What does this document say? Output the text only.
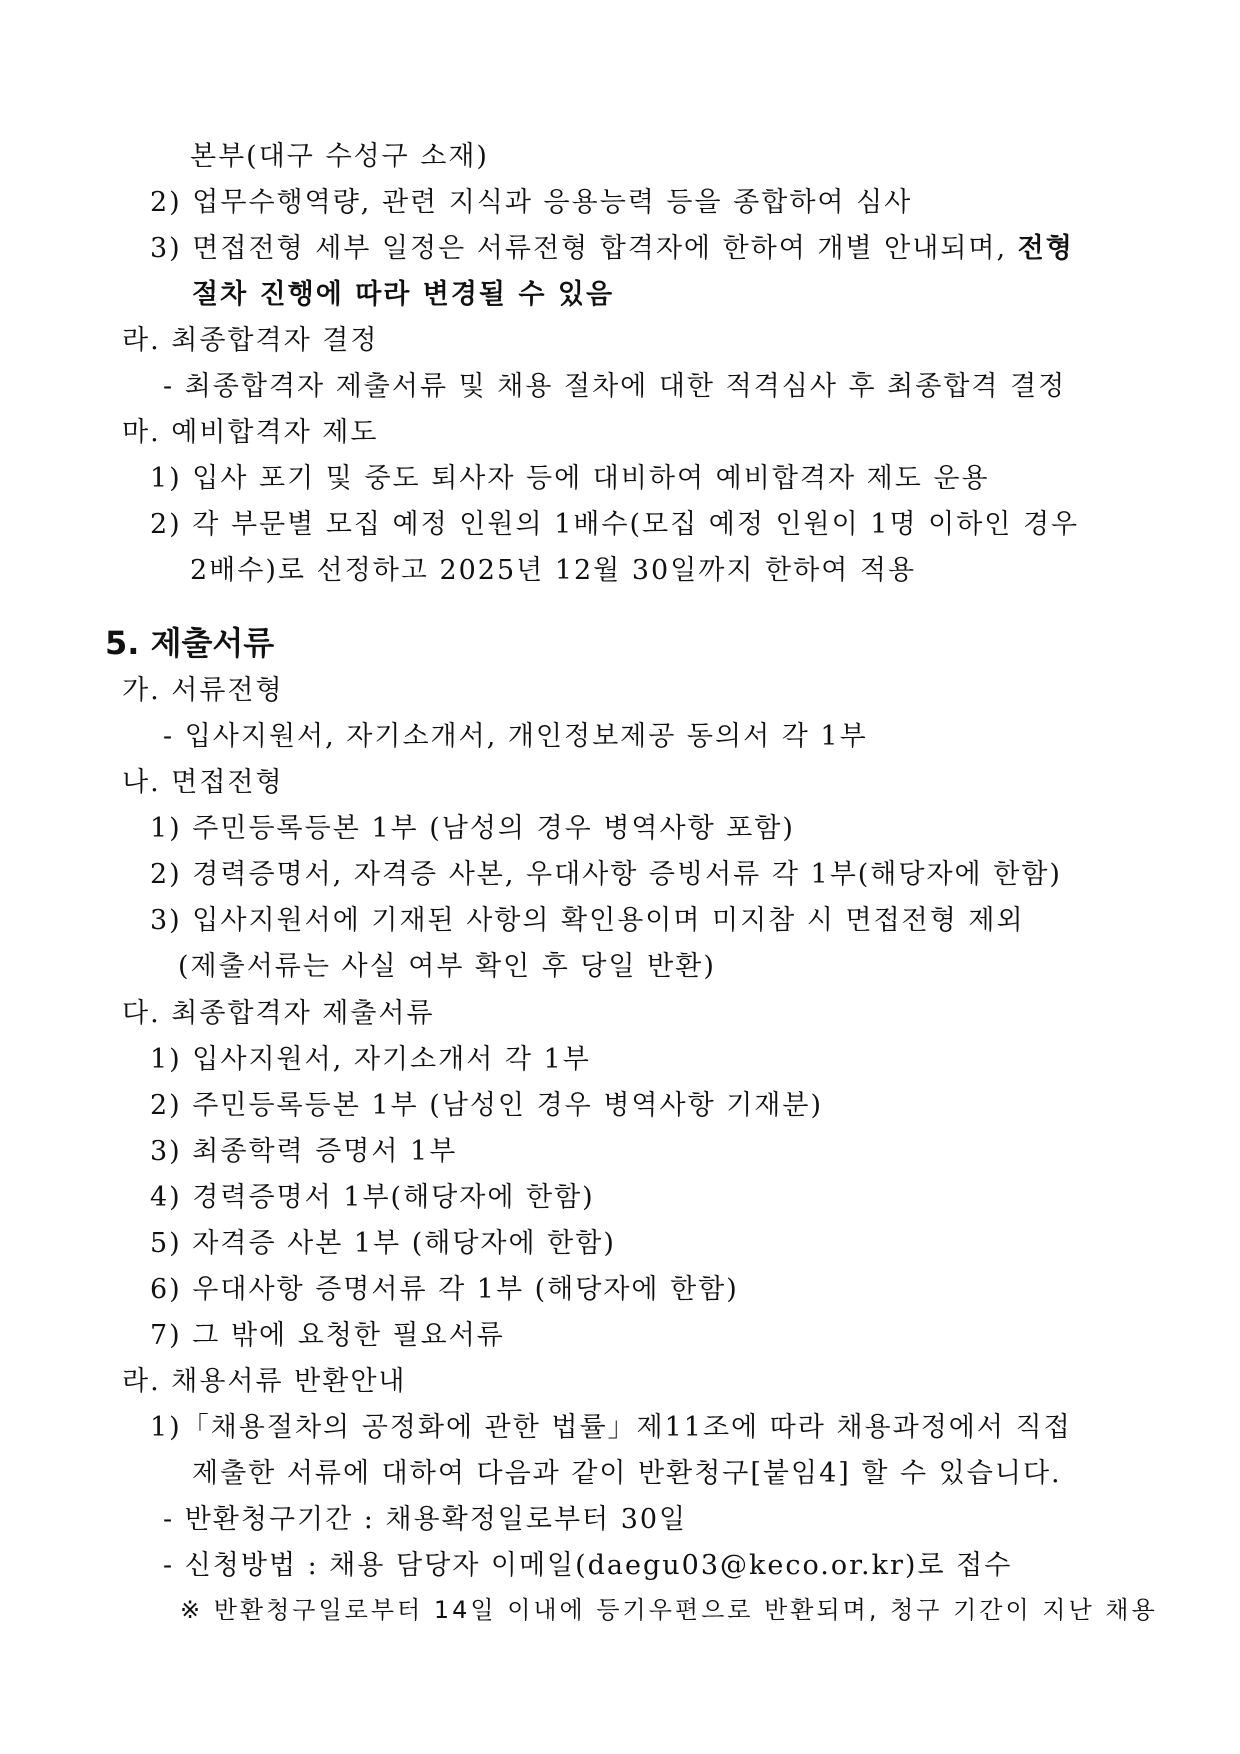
본부(대구 수성구 소재)
2) 업무수행역량, 관련 지식과 응용능력 등을 종합하여 심사
3) 면접전형 세부 일정은 서류전형 합격자에 한하여 개별 안내되며, 전형
절차 진행에 따라 변경될 수 있음
라. 최종합격자 결정
- 최종합격자 제출서류 및 채용 절차에 대한 적격심사 후 최종합격 결정
마. 예비합격자 제도
1) 입사 포기 및 중도 퇴사자 등에 대비하여 예비합격자 제도 운용
2) 각 부문별 모집 예정 인원의 1배수(모집 예정 인원이 1명 이하인 경우
2배수)로 선정하고 2025년 12월 30일까지 한하여 적용
5. 제출서류
가. 서류전형
- 입사지원서, 자기소개서, 개인정보제공 동의서 각 1부
나. 면접전형
1) 주민등록등본 1부 (남성의 경우 병역사항 포함)
2) 경력증명서, 자격증 사본, 우대사항 증빙서류 각 1부(해당자에 한함)
3) 입사지원서에 기재된 사항의 확인용이며 미지참 시 면접전형 제외
(제출서류는 사실 여부 확인 후 당일 반환)
다. 최종합격자 제출서류
1) 입사지원서, 자기소개서 각 1부
2) 주민등록등본 1부 (남성인 경우 병역사항 기재분)
3) 최종학력 증명서 1부
4) 경력증명서 1부(해당자에 한함)
5) 자격증 사본 1부 (해당자에 한함)
6) 우대사항 증명서류 각 1부 (해당자에 한함)
7) 그 밖에 요청한 필요서류
라. 채용서류 반환안내
1)「채용절차의 공정화에 관한 법률」제11조에 따라 채용과정에서 직접
제출한 서류에 대하여 다음과 같이 반환청구[붙임4] 할 수 있습니다.
- 반환청구기간 : 채용확정일로부터 30일
- 신청방법 : 채용 담당자 이메일(daegu03@keco.or.kr)로 접수
※ 반환청구일로부터 14일 이내에 등기우편으로 반환되며, 청구 기간이 지난 채용
